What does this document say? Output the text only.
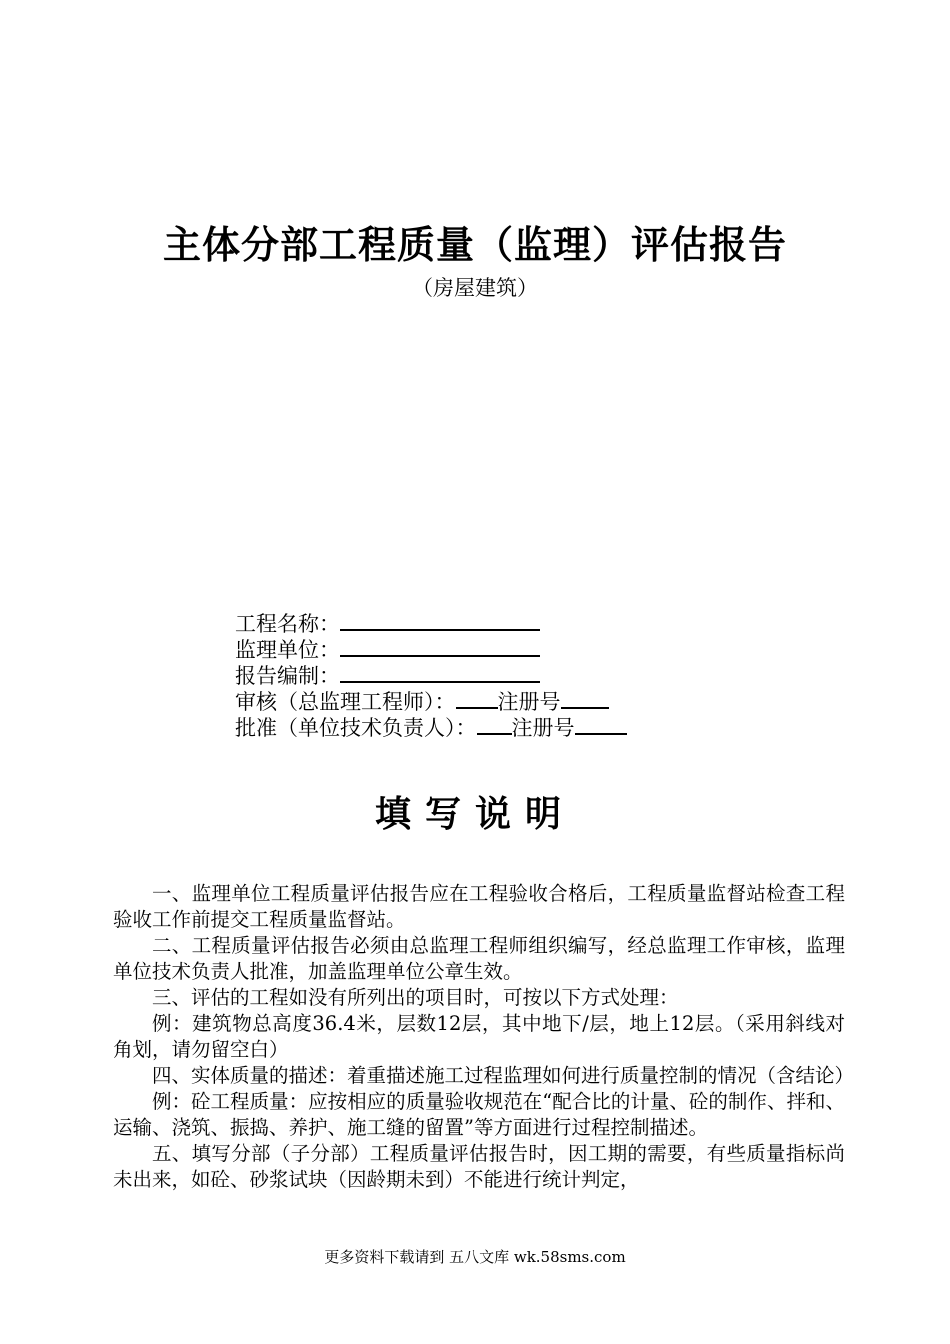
主体分部工程质量（监理）评估报告
（房屋建筑）
工程名称：
监理单位：
报告编制：
审核（总监理工程师）： 注册号
批准（单位技术负责人）： 注册号
填写说明

一、监理单位工程质量评估报告应在工程验收合格后，工程质量监督站检查工程验收工作前提交工程质量监督站。

二、工程质量评估报告必须由总监理工程师组织编写，经总监理工作审核，监理单位技术负责人批准，加盖监理单位公章生效。

三、评估的工程如没有所列出的项目时，可按以下方式处理：

例：建筑物总高度36.4米，层数12层，其中地下/层，地上12层。（采用斜线对角划，请勿留空白）

四、实体质量的描述：着重描述施工过程监理如何进行质量控制的情况（含结论）

例：砼工程质量：应按相应的质量验收规范在“配合比的计量、砼的制作、拌和、运输、浇筑、振捣、养护、施工缝的留置”等方面进行过程控制描述。

五、填写分部（子分部）工程质量评估报告时，因工期的需要，有些质量指标尚未出来，如砼、砂浆试块（因龄期未到）不能进行统计判定，

更多资料下载请到 五八文库 wk.58sms.com
